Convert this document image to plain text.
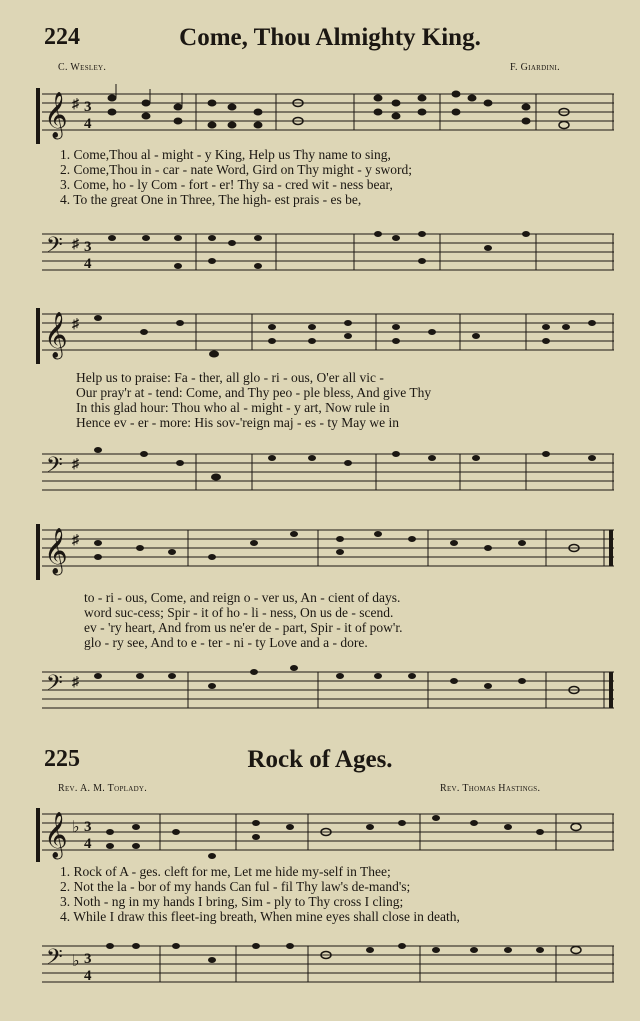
224	Come, Thou Almighty King.
C. Wesley.	F. Giardini.
𝄞 ♯ 3
4
1. Come,Thou al - might - y King, Help us Thy name to sing,
2. Come,Thou in - car - nate Word, Gird on Thy might - y sword;
3. Come, ho - ly Com - fort - er! Thy sa - cred wit - ness bear,
4. To the great One in Three, The high- est prais - es be,
𝄢 ♯ 3
4
𝄞 ♯
Help us to praise: Fa - ther, all glo - ri - ous, O'er all vic -
Our pray'r at - tend: Come, and Thy peo - ple bless, And give Thy
In this glad hour: Thou who al - might - y art, Now rule in
Hence ev - er - more: His sov-'reign maj - es - ty May we in
𝄢 ♯
𝄞 ♯
to - ri - ous, Come, and reign o - ver us, An - cient of days.
word suc-cess; Spir - it of ho - li - ness, On us de - scend.
ev - 'ry heart, And from us ne'er de - part, Spir - it of pow'r.
glo - ry see, And to e - ter - ni - ty Love and a - dore.
𝄢 ♯
225	Rock of Ages.
Rev. A. M. Toplady.	Rev. Thomas Hastings.
𝄞 ♭ 3
4
1. Rock of A - ges. cleft for me, Let me hide my-self in Thee;
2. Not the la - bor of my hands Can ful - fil Thy law's de-mand's;
3. Noth - ng in my hands I bring, Sim - ply to Thy cross I cling;
4. While I draw this fleet-ing breath, When mine eyes shall close in death,
𝄢 ♭ 3
4
